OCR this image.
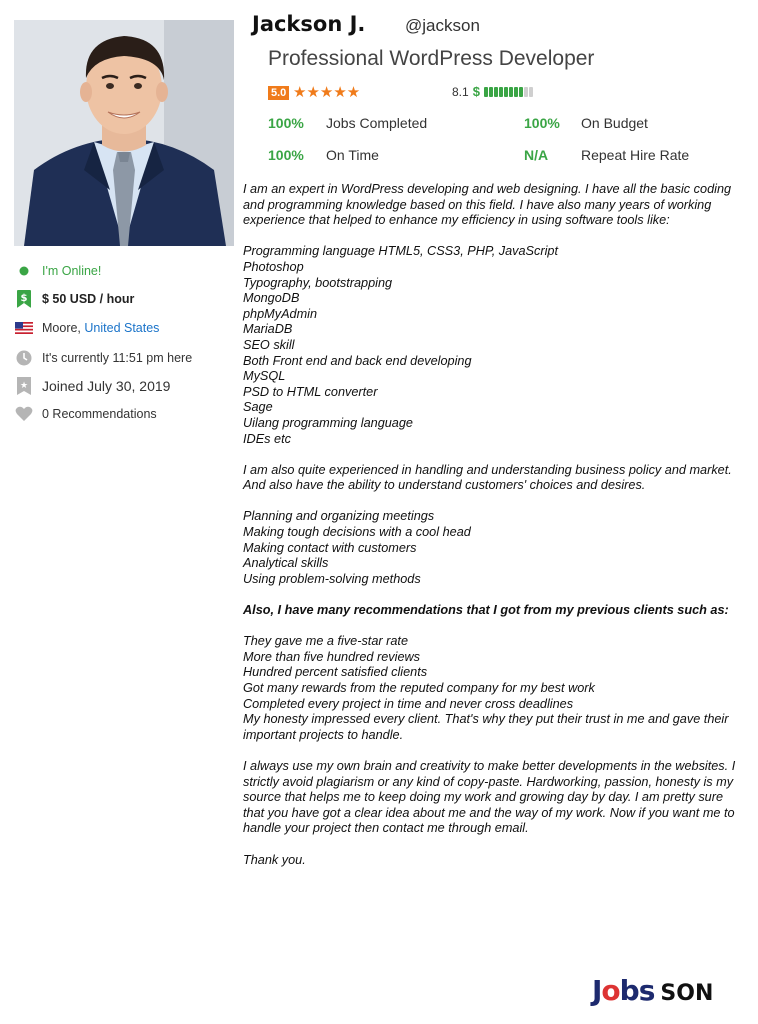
I'm Online!
$ $ 50 USD / hour
Moore,
United States
It's currently 11:51 pm here
★ Joined July 30, 2019
0 Recommendations
Jackson J. @jackson
Professional WordPress Developer
5.0 ★★★★★	8.1 $
100% Jobs Completed	100% On Budget
100% On Time	N/A Repeat Hire Rate

I am an expert in WordPress developing and web designing. I have all the basic coding and programming knowledge based on this field. I have also many years of working experience that helped to enhance my efficiency in using software tools like:

Programming language HTML5, CSS3, PHP, JavaScript

Photoshop

Typography, bootstrapping

MongoDB

phpMyAdmin

MariaDB

SEO skill

Both Front end and back end developing

MySQL

PSD to HTML converter

Sage

Uilang programming language

IDEs etc

I am also quite experienced in handling and understanding business policy and market. And also have the ability to understand customers' choices and desires.

Planning and organizing meetings

Making tough decisions with a cool head

Making contact with customers

Analytical skills

Using problem-solving methods

Also, I have many recommendations that I got from my previous clients such as:

They gave me a five-star rate

More than five hundred reviews

Hundred percent satisfied clients

Got many rewards from the reputed company for my best work

Completed every project in time and never cross deadlines

My honesty impressed every client. That's why they put their trust in me and gave their important projects to handle.

I always use my own brain and creativity to make better developments in the websites. I strictly avoid plagiarism or any kind of copy-paste. Hardworking, passion, honesty is my source that helps me to keep doing my work and growing day by day. I am pretty sure that you have got a clear idea about me and the way of my work. Now if you want me to handle your project then contact me through email.

Thank you.

Jobs SON
